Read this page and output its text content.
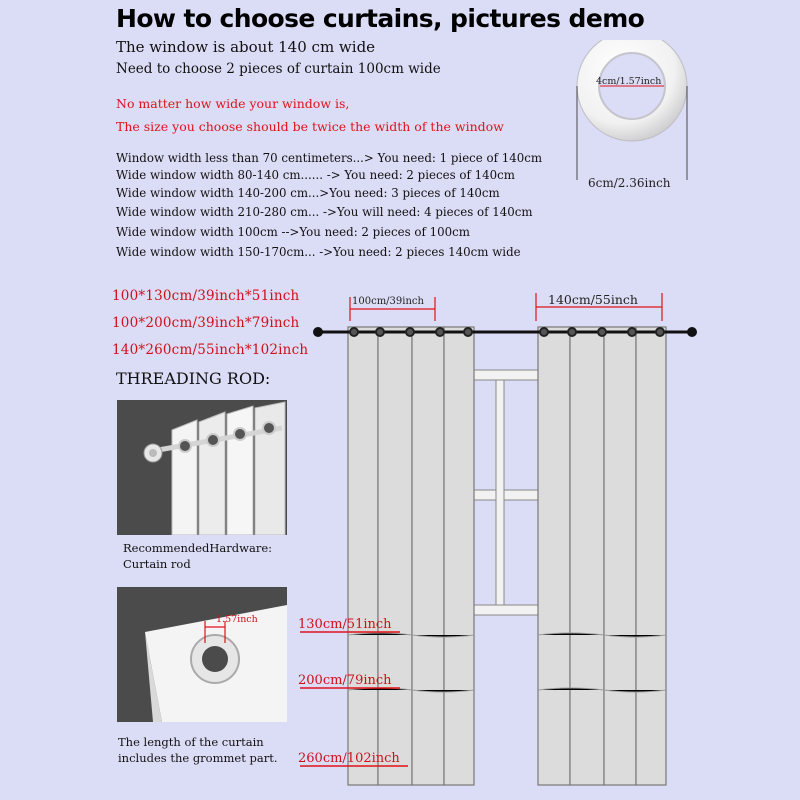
How to choose curtains, pictures demo
The window is about 140 cm wide
Need to choose 2 pieces of curtain 100cm wide
No matter how wide your window is,
The size you choose should be twice the width of the window
Window width less than 70 centimeters...> You need: 1 piece of 140cm
Wide window width 80-140 cm...... -> You need: 2 pieces of 140cm
Wide window width 140-200 cm...>You need: 3 pieces of 140cm
Wide window width 210-280 cm... ->You will need: 4 pieces of 140cm
Wide window width 100cm -->You need: 2 pieces of 100cm
Wide window width 150-170cm... ->You need: 2 pieces 140cm wide
4cm/1.57inch
6cm/2.36inch
100*130cm/39inch*51inch
100*200cm/39inch*79inch
140*260cm/55inch*102inch
THREADING ROD:
RecommendedHardware:
Curtain rod
1.57inch
The length of the curtain includes the grommet part.
100cm/39inch	140cm/55inch
130cm/51inch
200cm/79inch
260cm/102inch
